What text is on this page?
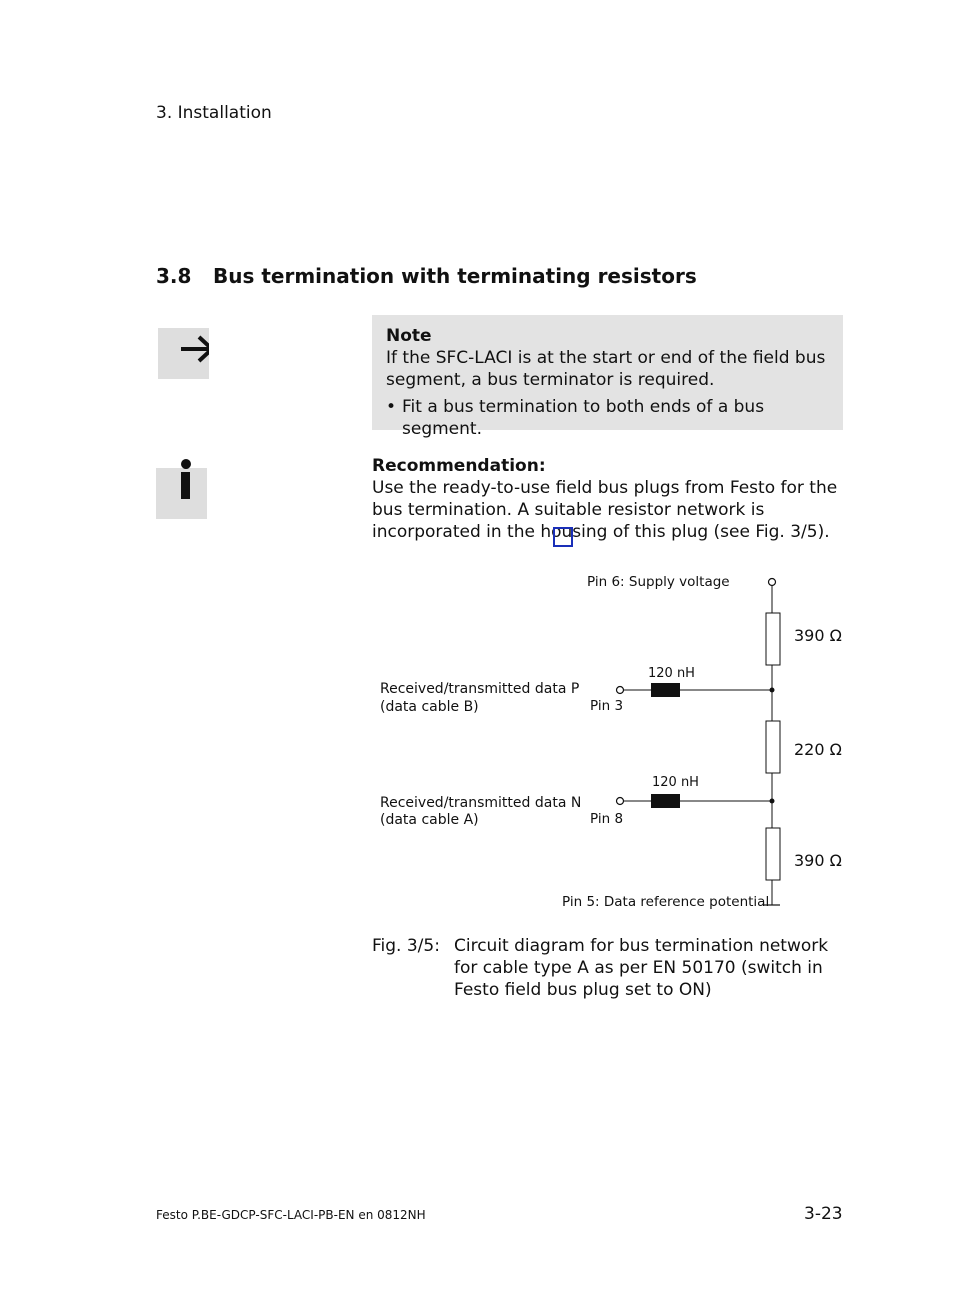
3. Installation
3.8 Bus termination with terminating resistors
Note
If the SFC-LACI is at the start or end of the field bus segment, a bus terminator is required.
• Fit a bus termination to both ends of a bus segment.
Recommendation:
Use the ready-to-use field bus plugs from Festo for the bus termination. A suitable resistor network is incorporated in the housing of this plug (see Fig. 3/5).
Pin 6: Supply voltage
390 Ω
120 nH
Received/transmitted data P
(data cable B)	Pin 3
220 Ω
120 nH
Received/transmitted data N
(data cable A)	Pin 8
390 Ω
Pin 5: Data reference potential
Fig. 3/5: Circuit diagram for bus termination network for cable type A as per EN 50170 (switch in Festo field bus plug set to ON)
Festo P.BE-GDCP-SFC-LACI-PB-EN en 0812NH	3-23
